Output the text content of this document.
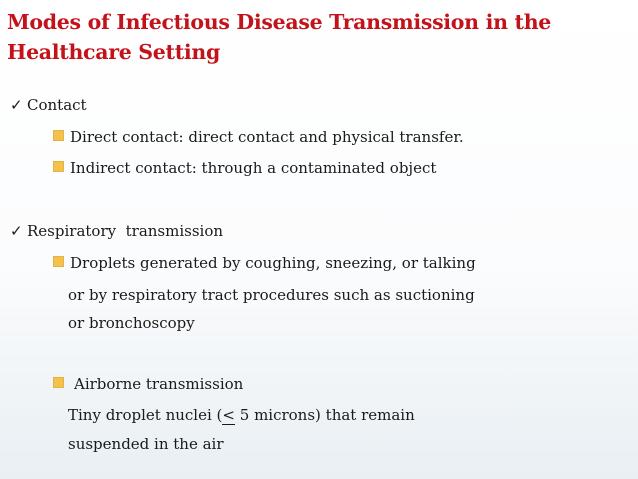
Modes of Infectious Disease Transmission in the
Healthcare Setting
✓ Contact
Direct contact: direct contact and physical transfer.
Indirect contact: through a contaminated object
✓ Respiratory  transmission
Droplets generated by coughing, sneezing, or talking
or by respiratory tract procedures such as suctioning
or bronchoscopy
Airborne transmission
Tiny droplet nuclei (< 5 microns) that remain
suspended in the air
